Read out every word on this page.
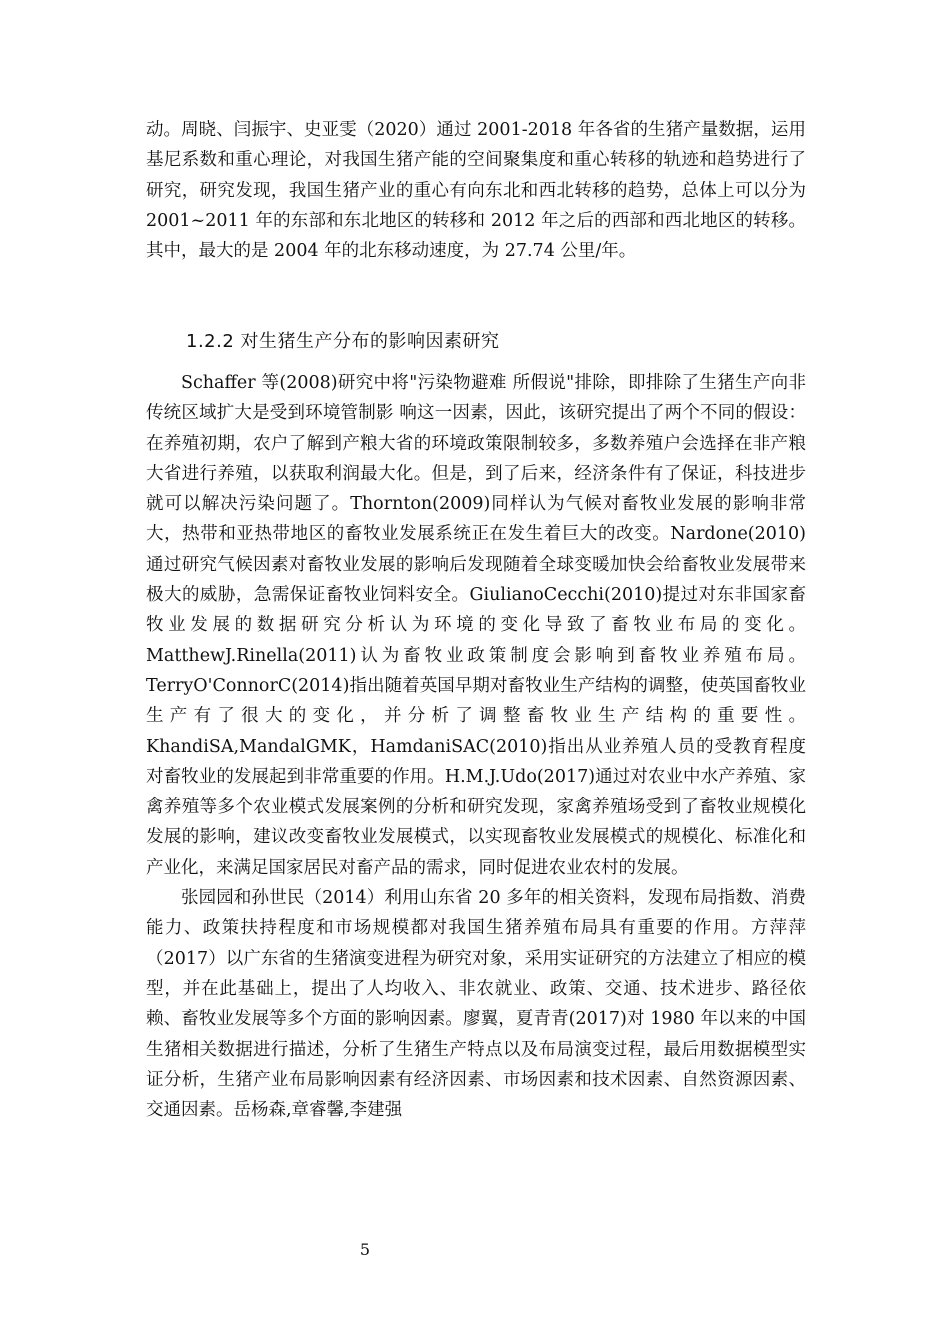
动。周晓、闫振宇、史亚雯（2020）通过 2001-2018 年各省的生猪产量数据，运用基尼系数和重心理论，对我国生猪产能的空间聚集度和重心转移的轨迹和趋势进行了研究，研究发现，我国生猪产业的重心有向东北和西北转移的趋势，总体上可以分为 2001~2011 年的东部和东北地区的转移和 2012 年之后的西部和西北地区的转移。其中，最大的是 2004 年的北东移动速度，为 27.74 公里/年。

1.2.2 对生猪生产分布的影响因素研究

Schaffer 等(2008)研究中将"污染物避难 所假说"排除，即排除了生猪生产向非传统区域扩大是受到环境管制影 响这一因素，因此，该研究提出了两个不同的假设：在养殖初期，农户了解到产粮大省的环境政策限制较多，多数养殖户会选择在非产粮大省进行养殖，以获取利润最大化。但是，到了后来，经济条件有了保证，科技进步就可以解决污染问题了。Thornton(2009)同样认为气候对畜牧业发展的影响非常大，热带和亚热带地区的畜牧业发展系统正在发生着巨大的改变。Nardone(2010)通过研究气候因素对畜牧业发展的影响后发现随着全球变暖加快会给畜牧业发展带来极大的威胁，急需保证畜牧业饲料安全。GiulianoCecchi(2010)提过对东非国家畜牧业发展的数据研究分析认为环境的变化导致了畜牧业布局的变化。MatthewJ.Rinella(2011)认为畜牧业政策制度会影响到畜牧业养殖布局。TerryO'ConnorC(2014)指出随着英国早期对畜牧业生产结构的调整，使英国畜牧业生产有了很大的变化，并分析了调整畜牧业生产结构的重要性。KhandiSA,MandalGMK，HamdaniSAC(2010)指出从业养殖人员的受教育程度对畜牧业的发展起到非常重要的作用。H.M.J.Udo(2017)通过对农业中水产养殖、家禽养殖等多个农业模式发展案例的分析和研究发现，家禽养殖场受到了畜牧业规模化发展的影响，建议改变畜牧业发展模式，以实现畜牧业发展模式的规模化、标准化和产业化，来满足国家居民对畜产品的需求，同时促进农业农村的发展。

张园园和孙世民（2014）利用山东省 20 多年的相关资料，发现布局指数、消费能力、政策扶持程度和市场规模都对我国生猪养殖布局具有重要的作用。方萍萍（2017）以广东省的生猪演变进程为研究对象，采用实证研究的方法建立了相应的模型，并在此基础上，提出了人均收入、非农就业、政策、交通、技术进步、路径依赖、畜牧业发展等多个方面的影响因素。廖翼，夏青青(2017)对 1980 年以来的中国生猪相关数据进行描述，分析了生猪生产特点以及布局演变过程，最后用数据模型实证分析，生猪产业布局影响因素有经济因素、市场因素和技术因素、自然资源因素、交通因素。岳杨森,章睿馨,李建强

5
